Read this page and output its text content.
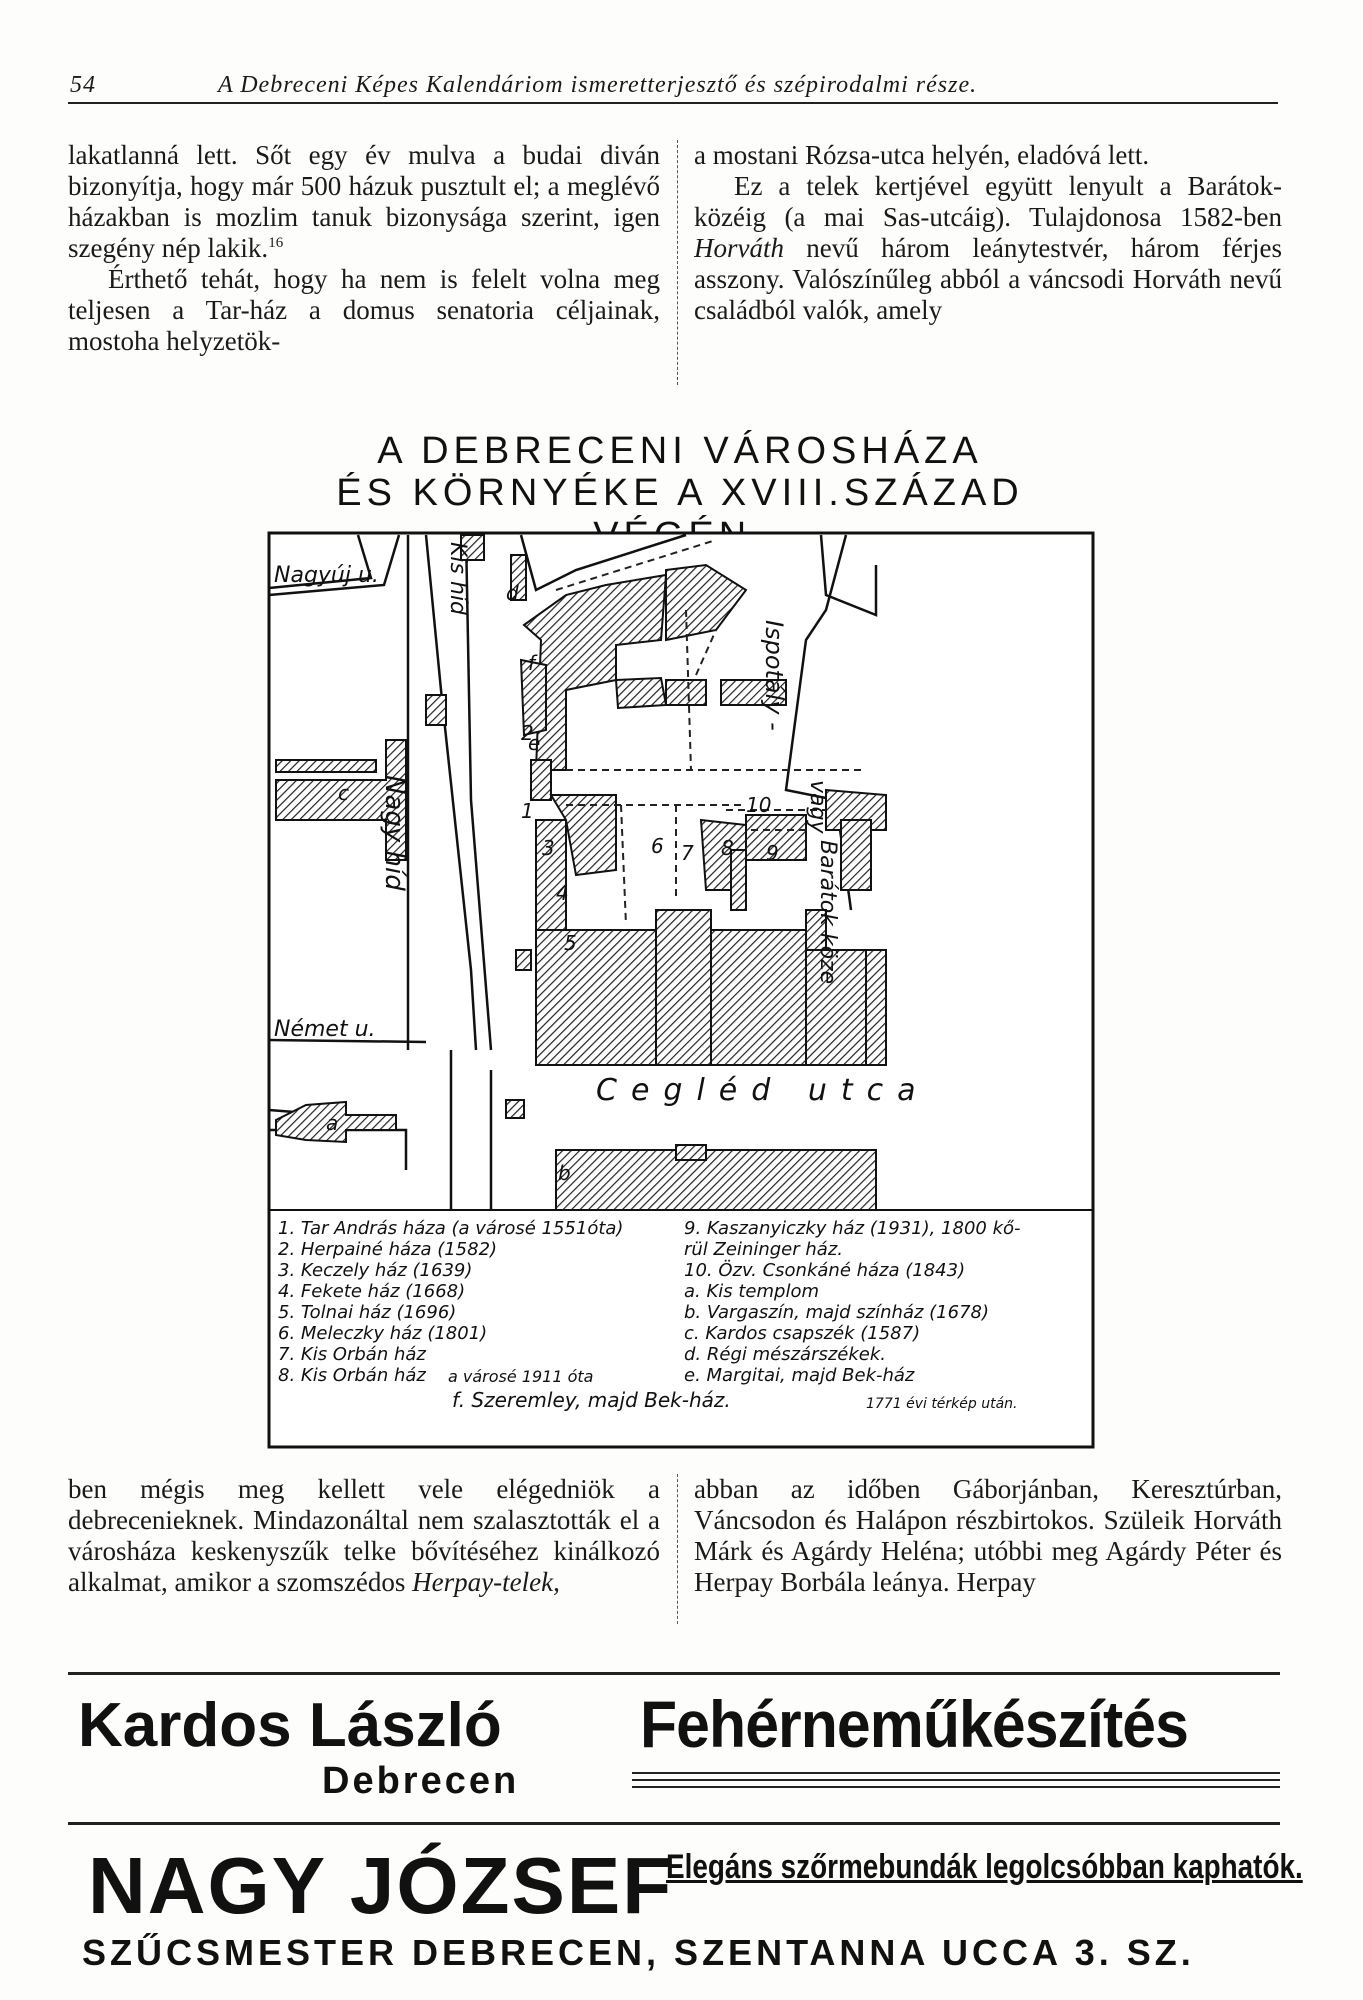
54	A Debreceni Képes Kalendáriom ismeretterjesztő és szépirodalmi része.

lakatlanná lett. Sőt egy év mulva a budai diván bizonyítja, hogy már 500 házuk pusztult el; a meglévő házakban is mozlim tanuk bizonysága szerint, igen szegény nép lakik.$^{16}$

Érthető tehát, hogy ha nem is felelt volna meg teljesen a Tar-ház a domus senatoria céljainak, mostoha helyzetök-

a mostani Rózsa-utca helyén, eladóvá lett.

Ez a telek kertjével együtt lenyult a Barátok-közéig (a mai Sas-utcáig). Tulajdonosa 1582-ben Horváth nevű három leánytestvér, három férjes asszony. Valószínűleg abból a váncsodi Horváth nevű családból valók, amely

A DEBRECENI VÁROSHÁZA
ÉS KÖRNYÉKE A XVIII.SZÁZAD
Nagyúj u.	Kis híd
Ispotály -
Nagy híd	vagy
Barátok köze
Német u.
Cegléd utca
1
2
3
4
5
6 7 8 9
10
a
b
c
d
e
f
1. Tar András háza (a városé 1551óta)
2. Herpainé háza (1582)
3. Keczely ház (1639)
4. Fekete ház (1668)
5. Tolnai ház (1696)
6. Meleczky ház (1801)
7. Kis Orbán ház
8. Kis Orbán ház	a városé 1911 óta
9. Kaszanyiczky ház (1931), 1800 kő-
rül Zeininger ház.
10. Özv. Csonkáné háza (1843)
a. Kis templom
b. Vargaszín, majd színház (1678)
c. Kardos csapszék (1587)
d. Régi mészárszékek.
e. Margitai, majd Bek-ház
f. Szeremley, majd Bek-ház.	1771 évi térkép után.

ben mégis meg kellett vele elégedniök a debrecenieknek. Mindazonáltal nem szalasztották el a városháza keskenyszűk telke bővítéséhez kinálkozó alkalmat, amikor a szomszédos Herpay-telek,

abban az időben Gáborjánban, Keresztúrban, Váncsodon és Halápon részbirtokos. Szüleik Horváth Márk és Agárdy Heléna; utóbbi meg Agárdy Péter és Herpay Borbála leánya. Herpay

Kardos László Fehérneműkészítés
Debrecen
NAGY JÓZSEF
Elegáns szőrmebundák legolcsóbban kaphatók.
SZŰCSMESTER DEBRECEN, SZENTANNA UCCA 3. SZ.
